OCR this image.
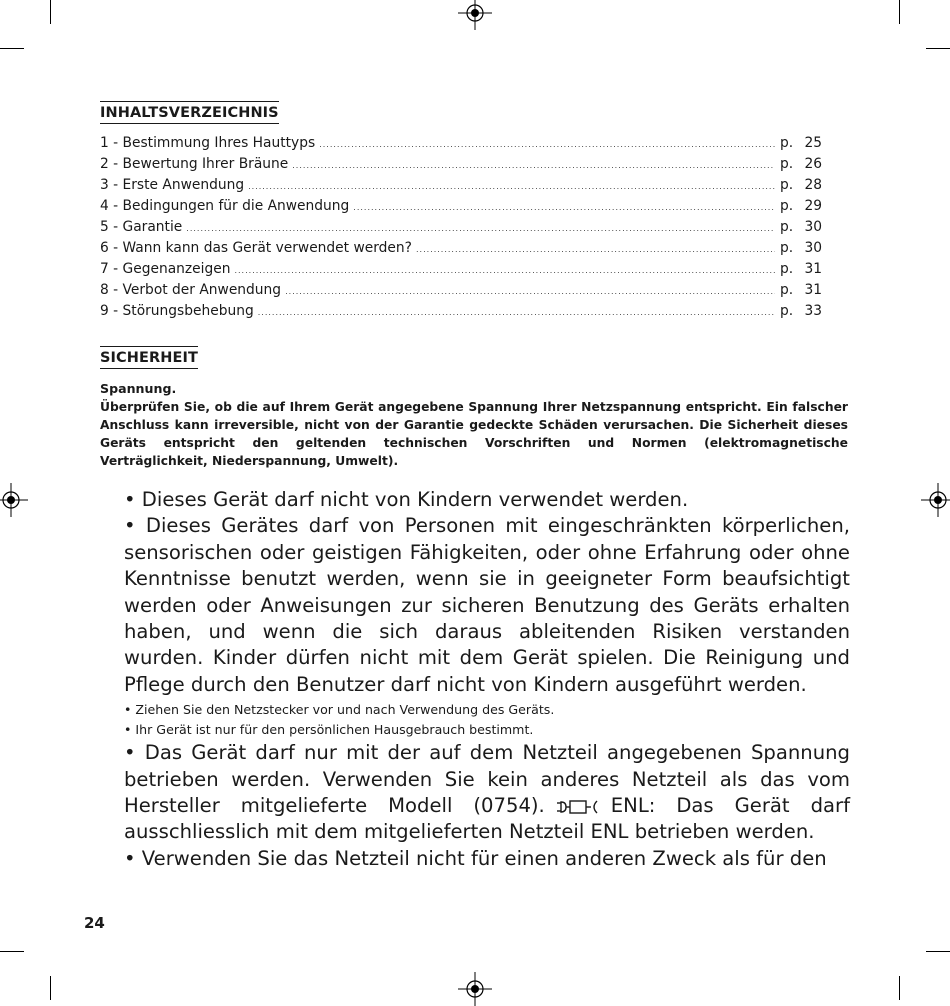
INHALTSVERZEICHNIS
1 - Bestimmung Ihres Hauttyps .....	p. 25
2 - Bewertung Ihrer Bräune .....	p. 26
3 - Erste Anwendung .....	p. 28
4 - Bedingungen für die Anwendung .....	p. 29
5 - Garantie .....	p. 30
6 - Wann kann das Gerät verwendet werden? .....	p. 30
7 - Gegenanzeigen .....	p. 31
8 - Verbot der Anwendung .....	p. 31
9 - Störungsbehebung .....	p. 33
SICHERHEIT
Spannung.

Überprüfen Sie, ob die auf Ihrem Gerät angegebene Spannung Ihrer Netzspannung entspricht. Ein falscher Anschluss kann irreversible, nicht von der Garantie gedeckte Schäden verursachen. Die Sicherheit dieses Geräts entspricht den geltenden technischen Vorschriften und Normen (elektromagnetische Verträglichkeit, Niederspannung, Umwelt).

• Dieses Gerät darf nicht von Kindern verwendet werden.

• Dieses Gerätes darf von Personen mit eingeschränkten körperlichen, sensorischen oder geistigen Fähigkeiten, oder ohne Erfahrung oder ohne Kenntnisse benutzt werden, wenn sie in geeigneter Form beaufsichtigt werden oder Anweisungen zur sicheren Benutzung des Geräts erhalten haben, und wenn die sich daraus ableitenden Risiken verstanden wurden. Kinder dürfen nicht mit dem Gerät spielen. Die Reinigung und Pflege durch den Benutzer darf nicht von Kindern ausgeführt werden.

• Ziehen Sie den Netzstecker vor und nach Verwendung des Geräts.

• Ihr Gerät ist nur für den persönlichen Hausgebrauch bestimmt.

• Das Gerät darf nur mit der auf dem Netzteil angegebenen Spannung betrieben werden. Verwenden Sie kein anderes Netzteil als das vom Hersteller mitgelieferte Modell (0754).	ENL: Das Gerät darf ausschliesslich mit dem mitgelieferten Netzteil ENL betrieben werden.

• Verwenden Sie das Netzteil nicht für einen anderen Zweck als für den

24
